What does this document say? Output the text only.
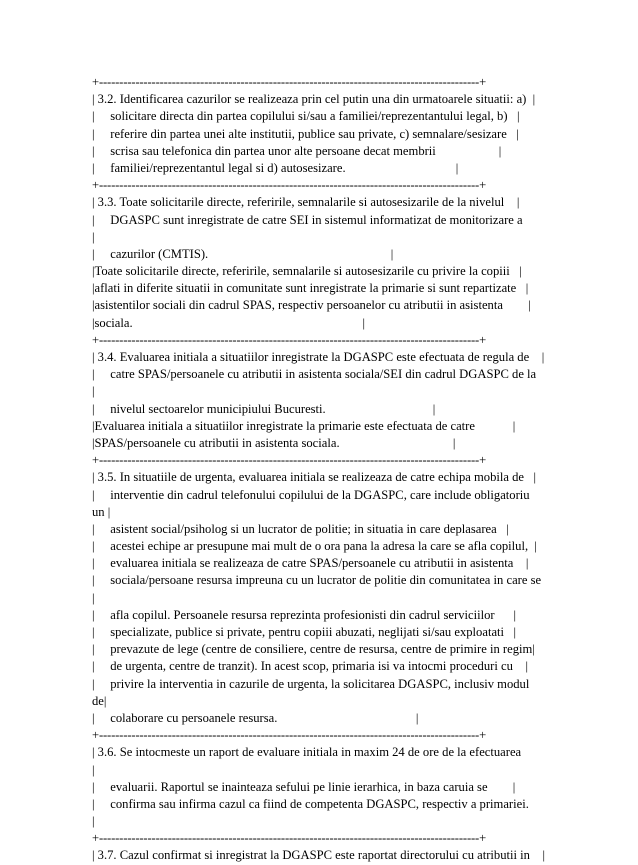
+----------------------------------------------------------------------------------------------+
| 3.2. Identificarea cazurilor se realizeaza prin cel putin una din urmatoarele situatii: a)  |
|     solicitare directa din partea copilului si/sau a familiei/reprezentantului legal, b)   |
|     referire din partea unei alte institutii, publice sau private, c) semnalare/sesizare   |
|     scrisa sau telefonica din partea unor alte persoane decat membrii                    |
|     familiei/reprezentantul legal si d) autosesizare.                                   |
+----------------------------------------------------------------------------------------------+
| 3.3. Toate solicitarile directe, referirile, semnalarile si autosesizarile de la nivelul    |
|     DGASPC sunt inregistrate de catre SEI in sistemul informatizat de monitorizare a
|
|     cazurilor (CMTIS).                                                          |
|Toate solicitarile directe, referirile, semnalarile si autosesizarile cu privire la copiii   |
|aflati in diferite situatii in comunitate sunt inregistrate la primarie si sunt repartizate   |
|asistentilor sociali din cadrul SPAS, respectiv persoanelor cu atributii in asistenta        |
|sociala.                                                                         |
+----------------------------------------------------------------------------------------------+
| 3.4. Evaluarea initiala a situatiilor inregistrate la DGASPC este efectuata de regula de    |
|     catre SPAS/persoanele cu atributii in asistenta sociala/SEI din cadrul DGASPC de la
|
|     nivelul sectoarelor municipiului Bucuresti.                                  |
|Evaluarea initiala a situatiilor inregistrate la primarie este efectuata de catre            |
|SPAS/persoanele cu atributii in asistenta sociala.                                    |
+----------------------------------------------------------------------------------------------+
| 3.5. In situatiile de urgenta, evaluarea initiala se realizeaza de catre echipa mobila de   |
|     interventie din cadrul telefonului copilului de la DGASPC, care include obligatoriu
un |
|     asistent social/psiholog si un lucrator de politie; in situatia in care deplasarea   |
|     acestei echipe ar presupune mai mult de o ora pana la adresa la care se afla copilul,  |
|     evaluarea initiala se realizeaza de catre SPAS/persoanele cu atributii in asistenta    |
|     sociala/persoane resursa impreuna cu un lucrator de politie din comunitatea in care se
|
|     afla copilul. Persoanele resursa reprezinta profesionisti din cadrul serviciilor      |
|     specializate, publice si private, pentru copiii abuzati, neglijati si/sau exploatati   |
|     prevazute de lege (centre de consiliere, centre de resursa, centre de primire in regim|
|     de urgenta, centre de tranzit). In acest scop, primaria isi va intocmi proceduri cu    |
|     privire la interventia in cazurile de urgenta, la solicitarea DGASPC, inclusiv modul
de|
|     colaborare cu persoanele resursa.                                            |
+----------------------------------------------------------------------------------------------+
| 3.6. Se intocmeste un raport de evaluare initiala in maxim 24 de ore de la efectuarea
|
|     evaluarii. Raportul se inainteaza sefului pe linie ierarhica, in baza caruia se        |
|     confirma sau infirma cazul ca fiind de competenta DGASPC, respectiv a primariei.
|
+----------------------------------------------------------------------------------------------+
| 3.7. Cazul confirmat si inregistrat la DGASPC este raportat directorului cu atributii in    |
